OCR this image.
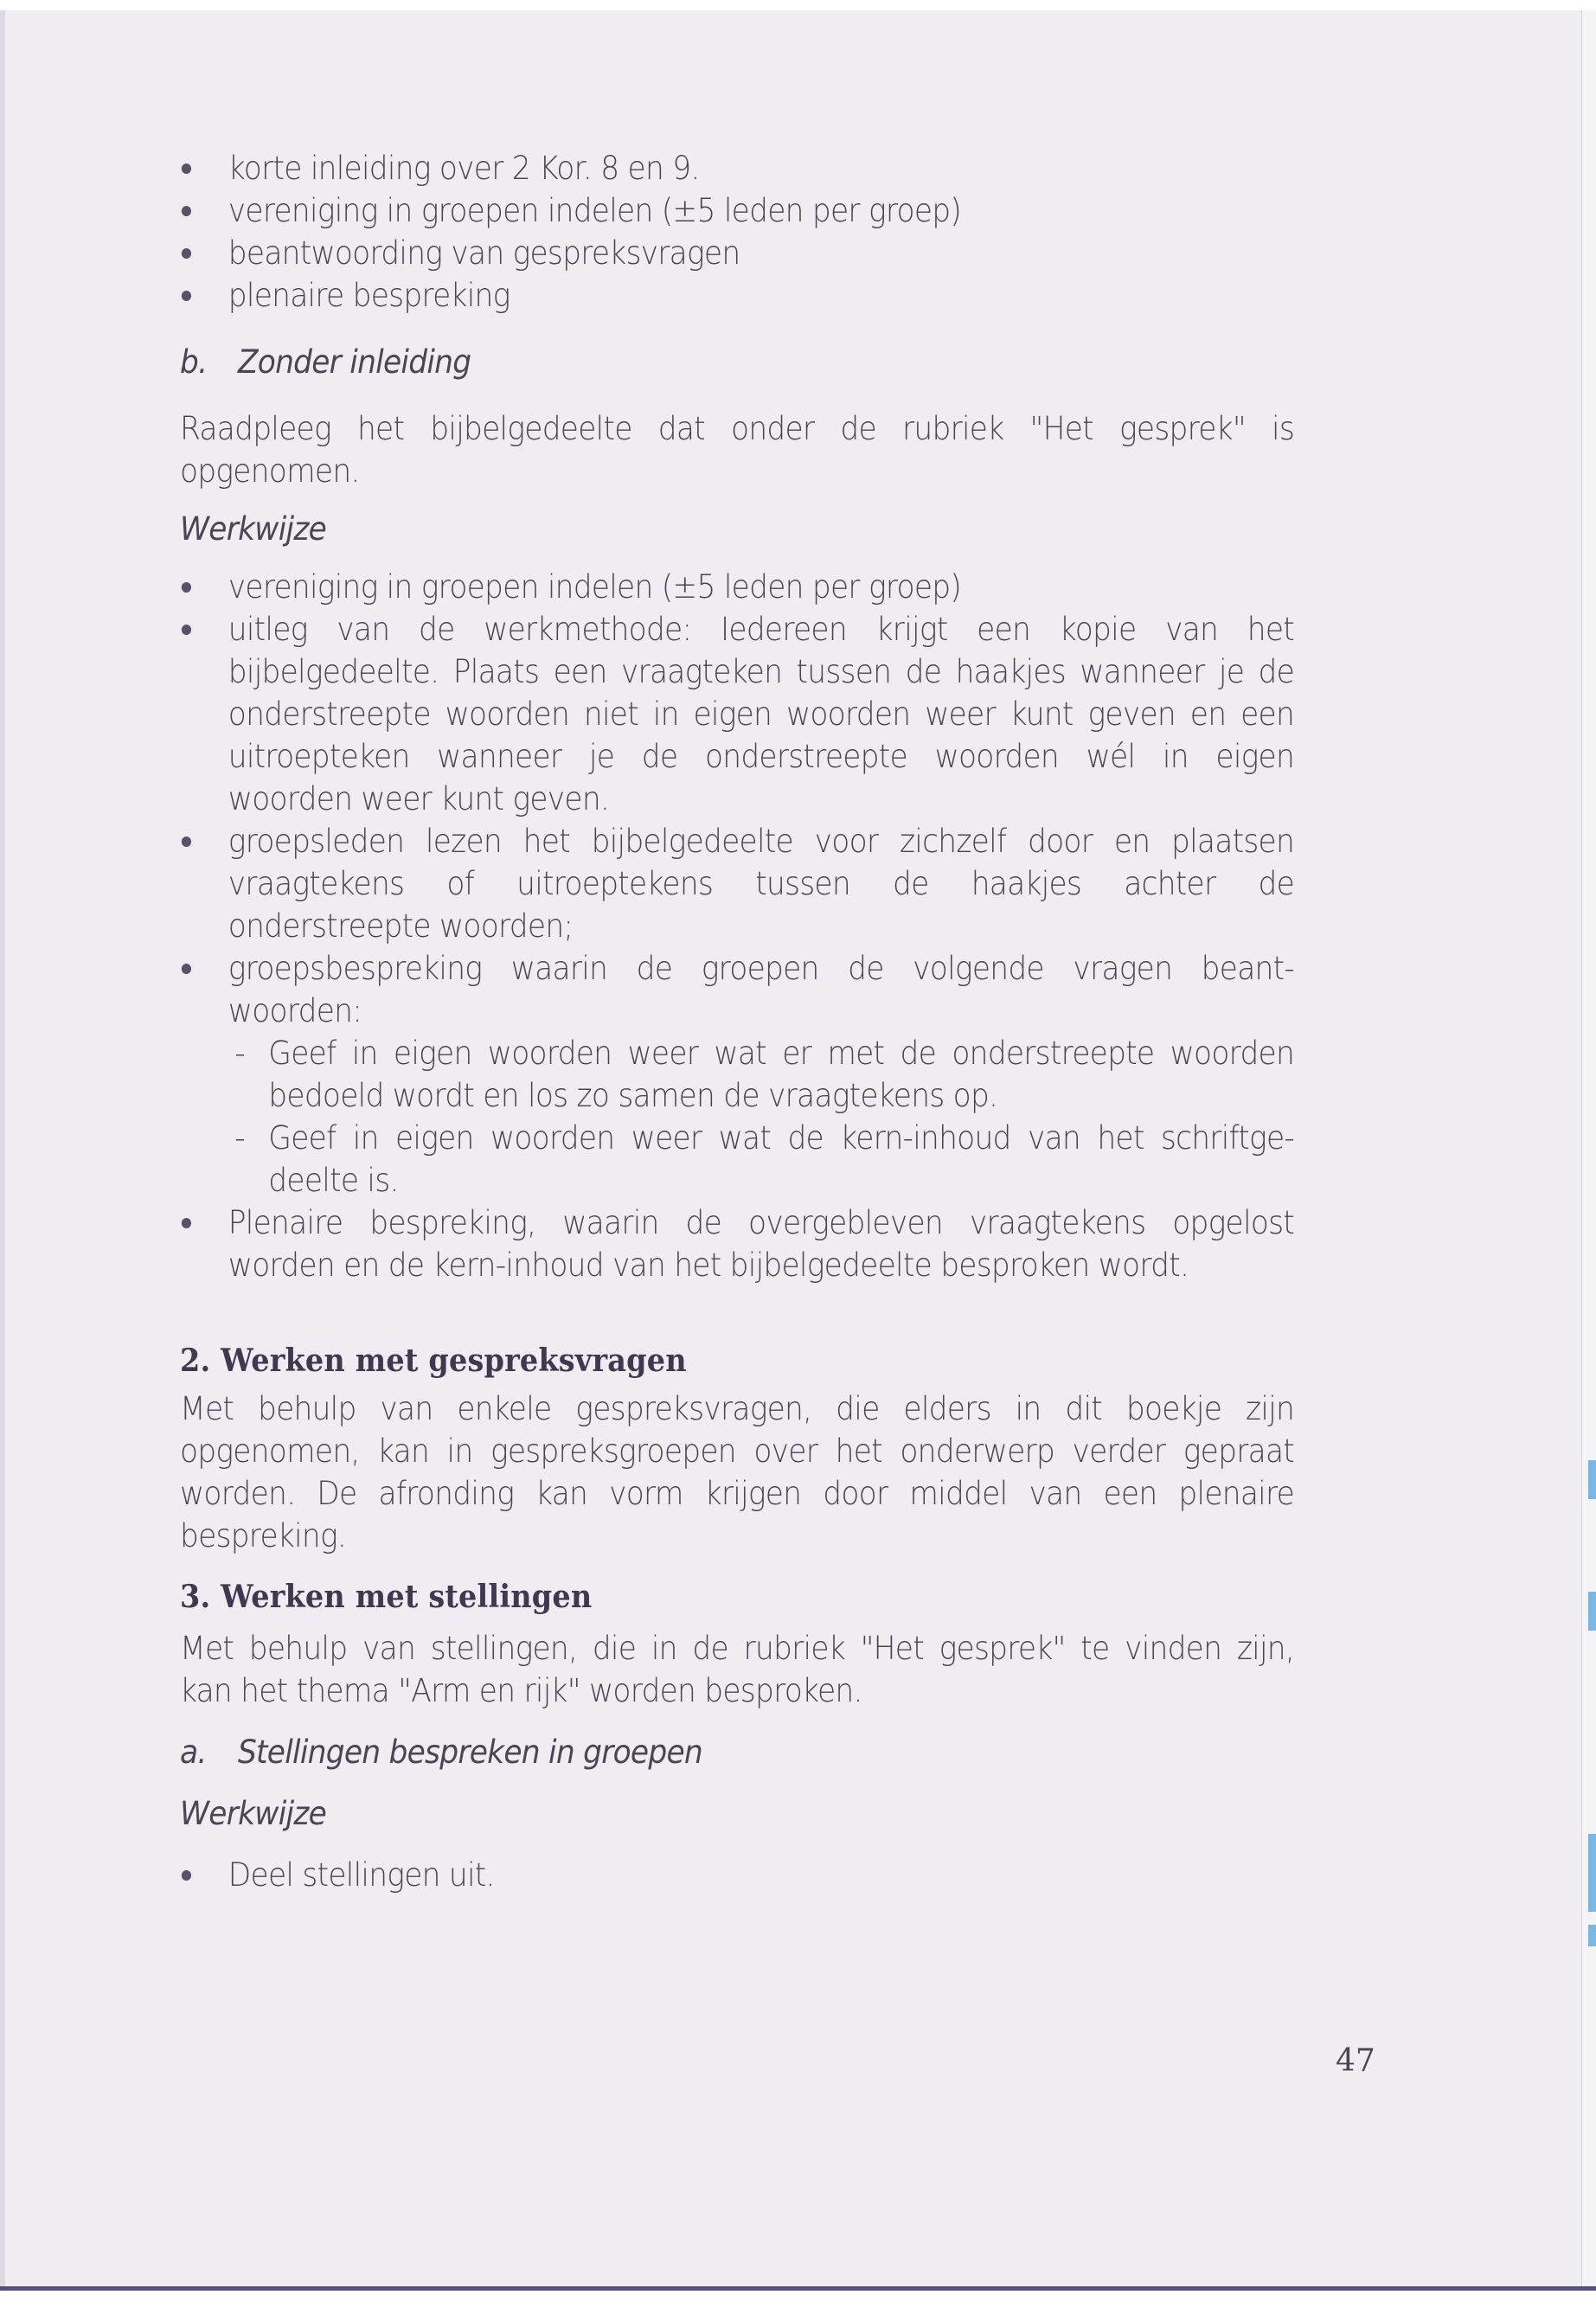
korte inleiding over 2 Kor. 8 en 9.
vereniging in groepen indelen (±5 leden per groep)
beantwoording van gespreksvragen
plenaire bespreking
b. Zonder inleiding

Raadpleeg het bijbelgedeelte dat onder de rubriek "Het gesprek" is
opgenomen.

Werkwijze
vereniging in groepen indelen (±5 leden per groep)
uitleg van de werkmethode: Iedereen krijgt een kopie van het
bijbelgedeelte. Plaats een vraagteken tussen de haakjes wanneer je de
onderstreepte woorden niet in eigen woorden weer kunt geven en een
uitroepteken wanneer je de onderstreepte woorden wél in eigen
woorden weer kunt geven.
groepsleden lezen het bijbelgedeelte voor zichzelf door en plaatsen
vraagtekens of uitroeptekens tussen de haakjes achter de
onderstreepte woorden;
groepsbespreking waarin de groepen de volgende vragen beant-
woorden:
- Geef in eigen woorden weer wat er met de onderstreepte woorden
bedoeld wordt en los zo samen de vraagtekens op.
- Geef in eigen woorden weer wat de kern-inhoud van het schriftge-
deelte is.
Plenaire bespreking, waarin de overgebleven vraagtekens opgelost
worden en de kern-inhoud van het bijbelgedeelte besproken wordt.
2. Werken met gespreksvragen

Met behulp van enkele gespreksvragen, die elders in dit boekje zijn
opgenomen, kan in gespreksgroepen over het onderwerp verder gepraat
worden. De afronding kan vorm krijgen door middel van een plenaire
bespreking.

3. Werken met stellingen

Met behulp van stellingen, die in de rubriek "Het gesprek" te vinden zijn,
kan het thema "Arm en rijk" worden besproken.

a. Stellingen bespreken in groepen
Werkwijze
Deel stellingen uit.
47
